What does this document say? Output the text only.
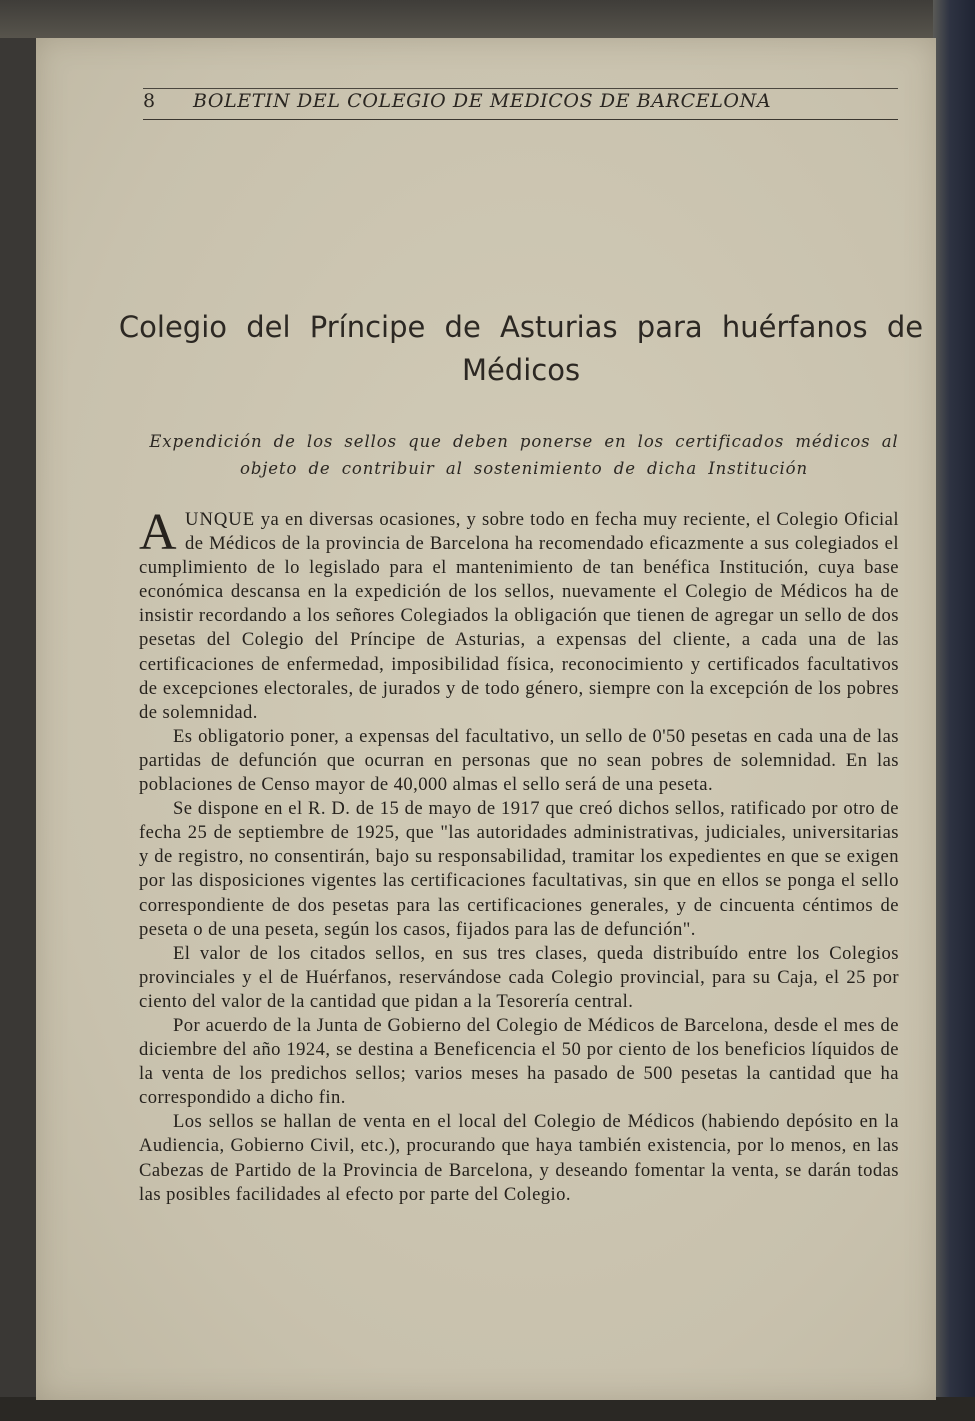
8 BOLETIN DEL COLEGIO DE MEDICOS DE BARCELONA
Colegio del Príncipe de Asturias para huérfanos de Médicos
Expendición de los sellos que deben ponerse en los certificados médicos al objeto de contribuir al sostenimiento de dicha Institución

AUNQUE ya en diversas ocasiones, y sobre todo en fecha muy reciente, el Colegio Oficial de Médicos de la provincia de Barcelona ha recomendado eficazmente a sus colegiados el cumplimiento de lo legislado para el mantenimiento de tan benéfica Institución, cuya base económica descansa en la expedición de los sellos, nuevamente el Colegio de Médicos ha de insistir recordando a los señores Colegiados la obligación que tienen de agregar un sello de dos pesetas del Colegio del Príncipe de Asturias, a expensas del cliente, a cada una de las certificaciones de enfermedad, imposibilidad física, reconocimiento y certificados facultativos de excepciones electorales, de jurados y de todo género, siempre con la excepción de los pobres de solemnidad.

Es obligatorio poner, a expensas del facultativo, un sello de 0'50 pesetas en cada una de las partidas de defunción que ocurran en personas que no sean pobres de solemnidad. En las poblaciones de Censo mayor de 40,000 almas el sello será de una peseta.

Se dispone en el R. D. de 15 de mayo de 1917 que creó dichos sellos, ratificado por otro de fecha 25 de septiembre de 1925, que "las autoridades administrativas, judiciales, universitarias y de registro, no consentirán, bajo su responsabilidad, tramitar los expedientes en que se exigen por las disposiciones vigentes las certificaciones facultativas, sin que en ellos se ponga el sello correspondiente de dos pesetas para las certificaciones generales, y de cincuenta céntimos de peseta o de una peseta, según los casos, fijados para las de defunción".

El valor de los citados sellos, en sus tres clases, queda distribuído entre los Colegios provinciales y el de Huérfanos, reservándose cada Colegio provincial, para su Caja, el 25 por ciento del valor de la cantidad que pidan a la Tesorería central.

Por acuerdo de la Junta de Gobierno del Colegio de Médicos de Barcelona, desde el mes de diciembre del año 1924, se destina a Beneficencia el 50 por ciento de los beneficios líquidos de la venta de los predichos sellos; varios meses ha pasado de 500 pesetas la cantidad que ha correspondido a dicho fin.

Los sellos se hallan de venta en el local del Colegio de Médicos (habiendo depósito en la Audiencia, Gobierno Civil, etc.), procurando que haya también existencia, por lo menos, en las Cabezas de Partido de la Provincia de Barcelona, y deseando fomentar la venta, se darán todas las posibles facilidades al efecto por parte del Colegio.
